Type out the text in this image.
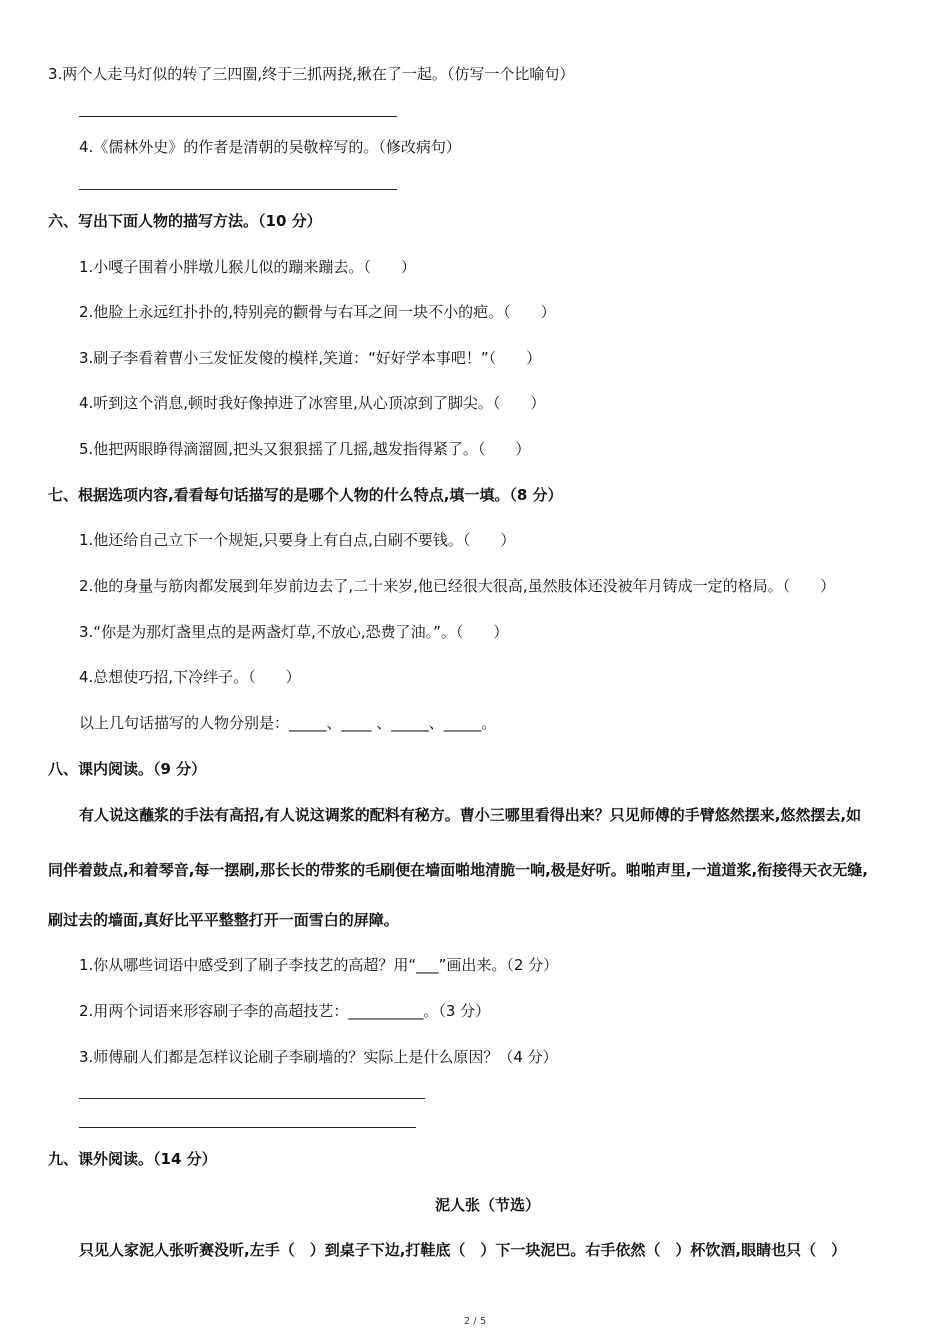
3.两个人走马灯似的转了三四圈,终于三抓两挠,揪在了一起。（仿写一个比喻句）
4.《儒林外史》的作者是清朝的吴敬梓写的。（修改病句）
六、写出下面人物的描写方法。（10 分）
1.小嘎子围着小胖墩儿猴儿似的蹦来蹦去。（　　）
2.他脸上永远红扑扑的,特别亮的颧骨与右耳之间一块不小的疤。（　　）
3.刷子李看着曹小三发怔发傻的模样,笑道：“好好学本事吧！”（　　）
4.听到这个消息,顿时我好像掉进了冰窖里,从心顶凉到了脚尖。（　　）
5.他把两眼睁得滴溜圆,把头又狠狠摇了几摇,越发指得紧了。（　　）
七、根据选项内容,看看每句话描写的是哪个人物的什么特点,填一填。（8 分）
1.他还给自己立下一个规矩,只要身上有白点,白刷不要钱。（　　）
2.他的身量与筋肉都发展到年岁前边去了,二十来岁,他已经很大很高,虽然肢体还没被年月铸成一定的格局。（　　）
3.“你是为那灯盏里点的是两盏灯草,不放心,恐费了油。”。（　　）
4.总想使巧招,下冷绊子。（　　）
以上几句话描写的人物分别是：_____、____ 、_____、_____。
八、课内阅读。（9 分）
有人说这蘸浆的手法有高招,有人说这调浆的配料有秘方。曹小三哪里看得出来？只见师傅的手臂悠然摆来,悠然摆去,如
同伴着鼓点,和着琴音,每一摆刷,那长长的带浆的毛刷便在墙面啪地清脆一响,极是好听。啪啪声里,一道道浆,衔接得天衣无缝,
刷过去的墙面,真好比平平整整打开一面雪白的屏障。
1.你从哪些词语中感受到了刷子李技艺的高超？用“___”画出来。（2 分）
2.用两个词语来形容刷子李的高超技艺：__________。（3 分）
3.师傅刷人们都是怎样议论刷子李刷墙的？实际上是什么原因？（4 分）
九、课外阅读。（14 分）
泥人张（节选）
只见人家泥人张听赛没听,左手（　）到桌子下边,打鞋底（　）下一块泥巴。右手依然（　）杯饮酒,眼睛也只（　）
2 / 5
